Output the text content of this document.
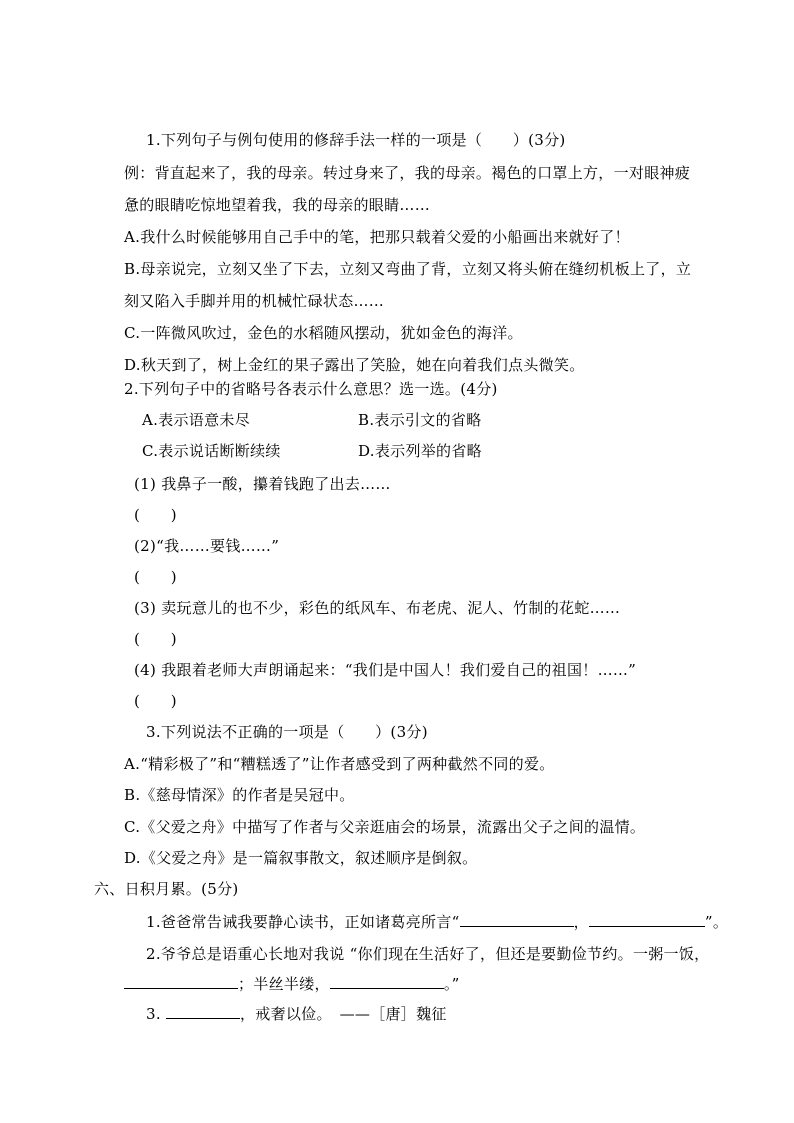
1.下列句子与例句使用的修辞手法一样的一项是（　　）(3分)
例：背直起来了，我的母亲。转过身来了，我的母亲。褐色的口罩上方，一对眼神疲
惫的眼睛吃惊地望着我，我的母亲的眼睛……
A.我什么时候能够用自己手中的笔，把那只载着父爱的小船画出来就好了！
B.母亲说完，立刻又坐了下去，立刻又弯曲了背，立刻又将头俯在缝纫机板上了，立
刻又陷入手脚并用的机械忙碌状态……
C.一阵微风吹过，金色的水稻随风摆动，犹如金色的海洋。
D.秋天到了，树上金红的果子露出了笑脸，她在向着我们点头微笑。
2.下列句子中的省略号各表示什么意思？选一选。(4分)
A.表示语意未尽	B.表示引文的省略
C.表示说话断断续续	D.表示列举的省略
(1) 我鼻子一酸，攥着钱跑了出去……
(　　)
(2)“我……要钱……”
(　　)
(3) 卖玩意儿的也不少，彩色的纸风车、布老虎、泥人、竹制的花蛇……
(　　)
(4) 我跟着老师大声朗诵起来：“我们是中国人！我们爱自己的祖国！……”
(　　)
3.下列说法不正确的一项是（　　）(3分)
A.“精彩极了”和“糟糕透了”让作者感受到了两种截然不同的爱。
B.《慈母情深》的作者是吴冠中。
C.《父爱之舟》中描写了作者与父亲逛庙会的场景，流露出父子之间的温情。
D.《父爱之舟》是一篇叙事散文，叙述顺序是倒叙。
六、日积月累。(5分)
1.爸爸常告诫我要静心读书，正如诸葛亮所言“	，	”。
2.爷爷总是语重心长地对我说 “你们现在生活好了，但还是要勤俭节约。一粥一饭，
；半丝半缕，	。”
3.	，戒奢以俭。　——［唐］魏征
